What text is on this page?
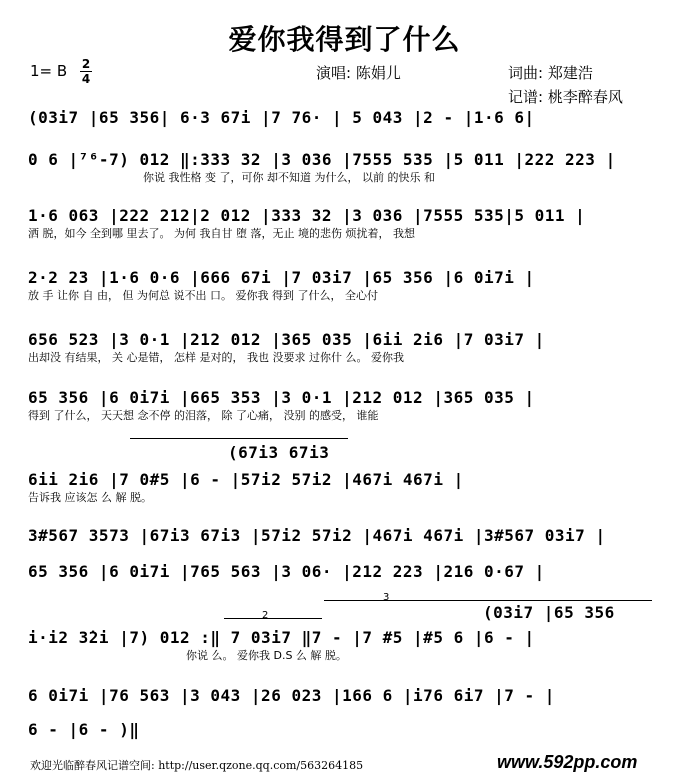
爱你我得到了什么
1= B 2
4	演唱: 陈娟儿	词曲: 郑建浩
记谱: 桃李醉春风
(03i7 |65 356| 6·3 67i |7 76· | 5 043 |2 - |1·6 6|
0 6 |⁷⁶-7) 012 ‖:333 32 |3 036 |7555 535 |5 011 |222 223 |
你说 我性格 变 了，可你 却不知道 为什么， 以前 的快乐 和
1·6 063 |222 212|2 012 |333 32 |3 036 |7555 535|5 011 |
洒 脱，如今 全到哪 里去了。 为何 我自甘 堕 落，无止 境的悲伤 烦扰着， 我想
2·2 23 |1·6 0·6 |666 67i |7 03i7 |65 356 |6 0i7i |
放 手 让你 自 由， 但 为何总 说不出 口。 爱你我 得到 了什么， 全心付
656 523 |3 0·1 |212 012 |365 035 |6ii 2i6 |7 03i7 |
出却没 有结果， 关 心是错， 怎样 是对的， 我也 没要求 过你什 么。 爱你我
65 356 |6 0i7i |665 353 |3 0·1 |212 012 |365 035 |
得到 了什么， 天天想 念不停 的泪落， 除 了心痛， 没别 的感受， 谁能
(67i3 67i3
6ii 2i6 |7 0#5 |6 - |57i2 57i2 |467i 467i |
告诉我 应该怎 么 解 脱。
3#567 3573 |67i3 67i3 |57i2 57i2 |467i 467i |3#567 03i7 |
65 356 |6 0i7i |765 563 |3 06· |212 223 |216 0·67 |
2
3
(03i7 |65 356
i·i2 3̇2i |7) 012 :‖ 7 03i7 ‖7 - |7 #5 |#5 6 |6 - |
你说 么。 爱你我 D.S 么 解 脱。
6 0i7i |76 563 |3 043 |26 023 |166 6 |i76 6i7 |7 - |
6 - |6 - )‖
欢迎光临醉春风记谱空间: http://user.qzone.qq.com/563264185	www.592pp.com
